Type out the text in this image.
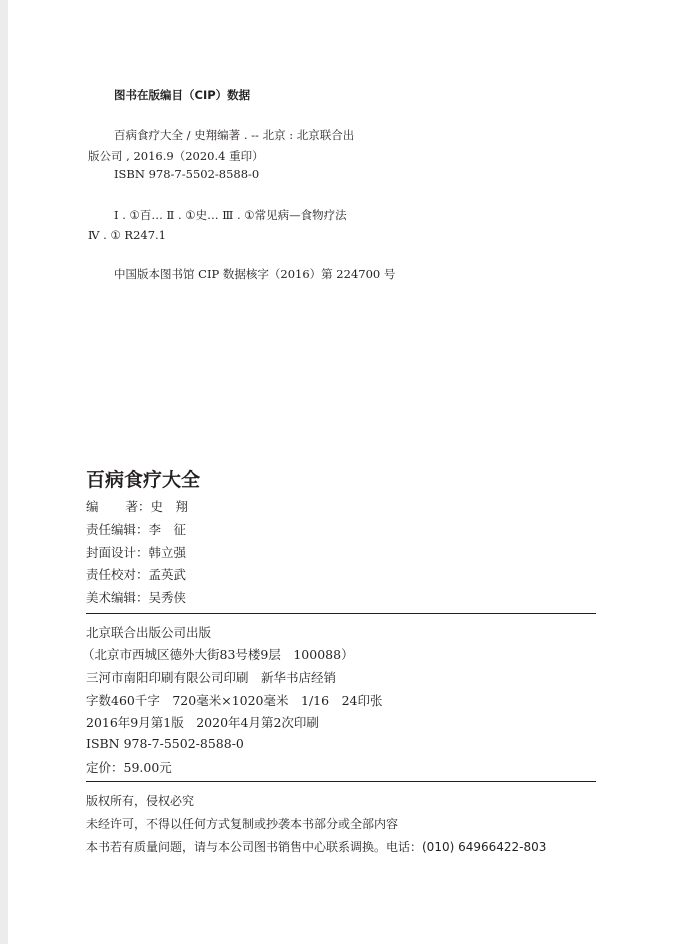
图书在版编目（CIP）数据
百病食疗大全 / 史翔编著 . -- 北京 : 北京联合出
版公司 , 2016.9（2020.4 重印）
ISBN 978-7-5502-8588-0
Ⅰ . ①百… Ⅱ . ①史… Ⅲ . ①常见病—食物疗法
Ⅳ . ① R247.1
中国版本图书馆 CIP 数据核字（2016）第 224700 号
百病食疗大全
编著：史　翔
责任编辑：李　征
封面设计：韩立强
责任校对：孟英武
美术编辑：吴秀侠
北京联合出版公司出版
（北京市西城区德外大街83号楼9层　100088）
三河市南阳印刷有限公司印刷　新华书店经销
字数460千字　720毫米×1020毫米　1/16　24印张
2016年9月第1版　2020年4月第2次印刷
ISBN 978-7-5502-8588-0
定价：59.00元
版权所有，侵权必究
未经许可，不得以任何方式复制或抄袭本书部分或全部内容
本书若有质量问题，请与本公司图书销售中心联系调换。电话：(010) 64966422-803
